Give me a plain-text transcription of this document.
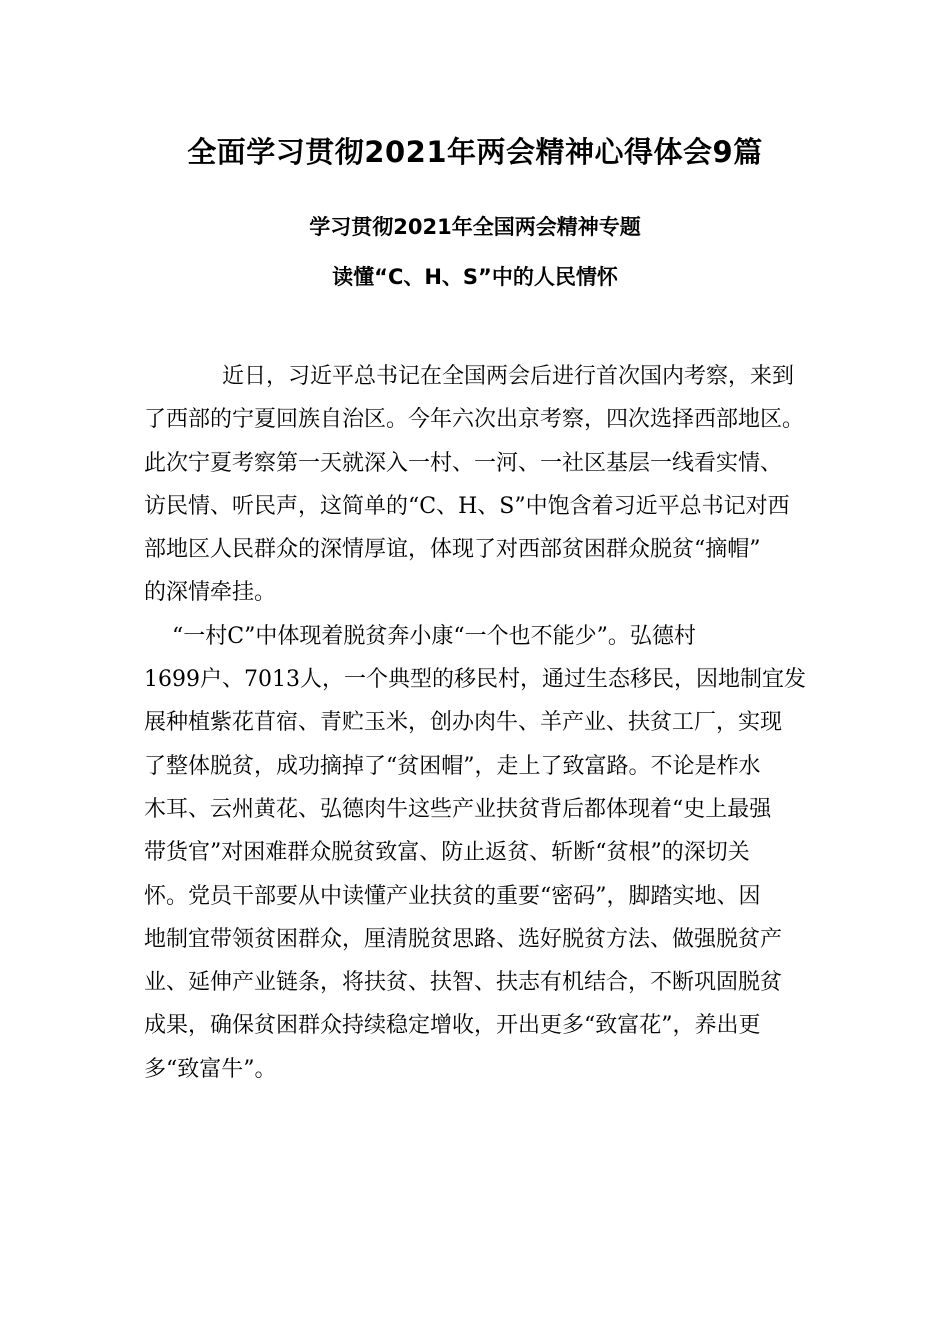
全面学习贯彻2021年两会精神心得体会9篇
学习贯彻2021年全国两会精神专题
读懂“C、H、S”中的人民情怀
近日，习近平总书记在全国两会后进行首次国内考察，来到
了西部的宁夏回族自治区。今年六次出京考察，四次选择西部地区。
此次宁夏考察第一天就深入一村、一河、一社区基层一线看实情、
访民情、听民声，这简单的“C、H、S”中饱含着习近平总书记对西
部地区人民群众的深情厚谊，体现了对西部贫困群众脱贫“摘帽”
的深情牵挂。
“一村C”中体现着脱贫奔小康“一个也不能少”。弘德村
1699户、7013人，一个典型的移民村，通过生态移民，因地制宜发
展种植紫花苜宿、青贮玉米，创办肉牛、羊产业、扶贫工厂，实现
了整体脱贫，成功摘掉了“贫困帽”，走上了致富路。不论是柞水
木耳、云州黄花、弘德肉牛这些产业扶贫背后都体现着“史上最强
带货官”对困难群众脱贫致富、防止返贫、斩断“贫根”的深切关
怀。党员干部要从中读懂产业扶贫的重要“密码”，脚踏实地、因
地制宜带领贫困群众，厘清脱贫思路、选好脱贫方法、做强脱贫产
业、延伸产业链条，将扶贫、扶智、扶志有机结合，不断巩固脱贫
成果，确保贫困群众持续稳定增收，开出更多“致富花”，养出更
多“致富牛”。
